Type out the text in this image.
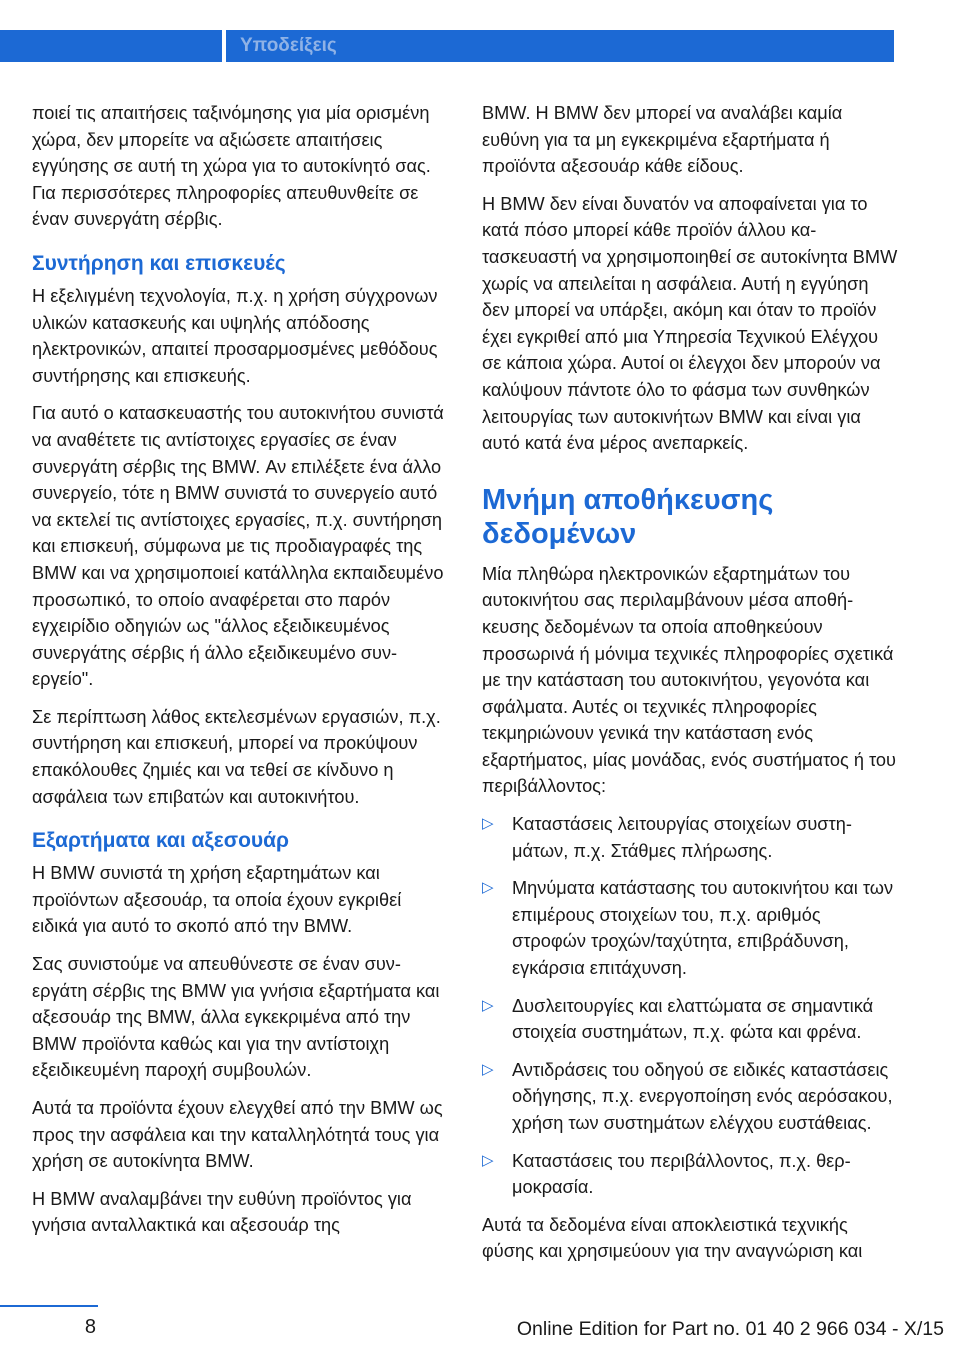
Υποδείξεις

ποιεί τις απαιτήσεις ταξινόμησης για μία ορισμένη χώρα, δεν μπορείτε να αξιώσετε απαιτήσεις εγγύησης σε αυτή τη χώρα για το αυτοκίνητό σας. Για περισσότερες πληροφορίες απευθυνθείτε σε έναν συνεργάτη σέρβις.

Συντήρηση και επισκευές

Η εξελιγμένη τεχνολογία, π.χ. η χρήση σύγχρονων υλικών κατασκευής και υψηλής απόδοσης ηλεκτρονικών, απαιτεί προσαρμοσμένες μεθόδους συντήρησης και επισκευής.

Για αυτό ο κατασκευαστής του αυτοκινήτου συνιστά να αναθέτετε τις αντίστοιχες εργασίες σε έναν συνεργάτη σέρβις της BMW. Αν επιλέξετε ένα άλλο συνεργείο, τότε η BMW συνιστά το συνεργείο αυτό να εκτελεί τις αντίστοιχες εργασίες, π.χ. συντήρηση και επισκευή, σύμφωνα με τις προδιαγραφές της BMW και να χρησιμοποιεί κατάλληλα εκπαιδευμένο προσωπικό, το οποίο αναφέρεται στο παρόν εγχειρίδιο οδηγιών ως "άλλος εξειδικευμένος συνεργάτης σέρβις ή άλλο εξειδικευμένο συνεργείο".

Σε περίπτωση λάθος εκτελεσμένων εργασιών, π.χ. συντήρηση και επισκευή, μπορεί να προκύψουν επακόλουθες ζημιές και να τεθεί σε κίνδυνο η ασφάλεια των επιβατών και αυτοκινήτου.

Εξαρτήματα και αξεσουάρ

Η BMW συνιστά τη χρήση εξαρτημάτων και προϊόντων αξεσουάρ, τα οποία έχουν εγκριθεί ειδικά για αυτό το σκοπό από την BMW.

Σας συνιστούμε να απευθύνεστε σε έναν συνεργάτη σέρβις της BMW για γνήσια εξαρτήματα και αξεσουάρ της BMW, άλλα εγκεκριμένα από την BMW προϊόντα καθώς και για την αντίστοιχη εξειδικευμένη παροχή συμβουλών.

Αυτά τα προϊόντα έχουν ελεγχθεί από την BMW ως προς την ασφάλεια και την καταλληλότητά τους για χρήση σε αυτοκίνητα BMW.

Η BMW αναλαμβάνει την ευθύνη προϊόντος για γνήσια ανταλλακτικά και αξεσουάρ της

BMW. Η BMW δεν μπορεί να αναλάβει καμία ευθύνη για τα μη εγκεκριμένα εξαρτήματα ή προϊόντα αξεσουάρ κάθε είδους.

Η BMW δεν είναι δυνατόν να αποφαίνεται για το κατά πόσο μπορεί κάθε προϊόν άλλου κατασκευαστή να χρησιμοποιηθεί σε αυτοκίνητα BMW χωρίς να απειλείται η ασφάλεια. Αυτή η εγγύηση δεν μπορεί να υπάρξει, ακόμη και όταν το προϊόν έχει εγκριθεί από μια Υπηρεσία Τεχνικού Ελέγχου σε κάποια χώρα. Αυτοί οι έλεγχοι δεν μπορούν να καλύψουν πάντοτε όλο το φάσμα των συνθηκών λειτουργίας των αυτοκινήτων BMW και είναι για αυτό κατά ένα μέρος ανεπαρκείς.

Μνήμη αποθήκευσης δεδομένων

Μία πληθώρα ηλεκτρονικών εξαρτημάτων του αυτοκινήτου σας περιλαμβάνουν μέσα αποθήκευσης δεδομένων τα οποία αποθηκεύουν προσωρινά ή μόνιμα τεχνικές πληροφορίες σχετικά με την κατάσταση του αυτοκινήτου, γεγονότα και σφάλματα. Αυτές οι τεχνικές πληροφορίες τεκμηριώνουν γενικά την κατάσταση ενός εξαρτήματος, μίας μονάδας, ενός συστήματος ή του περιβάλλοντος:

▷ Καταστάσεις λειτουργίας στοιχείων συστημάτων, π.χ. Στάθμες πλήρωσης.
▷ Μηνύματα κατάστασης του αυτοκινήτου και των επιμέρους στοιχείων του, π.χ. αριθμός στροφών τροχών/ταχύτητα, επιβράδυνση, εγκάρσια επιτάχυνση.
▷ Δυσλειτουργίες και ελαττώματα σε σημαντικά στοιχεία συστημάτων, π.χ. φώτα και φρένα.
▷ Αντιδράσεις του οδηγού σε ειδικές καταστάσεις οδήγησης, π.χ. ενεργοποίηση ενός αερόσακου, χρήση των συστημάτων ελέγχου ευστάθειας.
▷ Καταστάσεις του περιβάλλοντος, π.χ. θερμοκρασία.

Αυτά τα δεδομένα είναι αποκλειστικά τεχνικής φύσης και χρησιμεύουν για την αναγνώριση και

8	Online Edition for Part no. 01 40 2 966 034 - X/15
